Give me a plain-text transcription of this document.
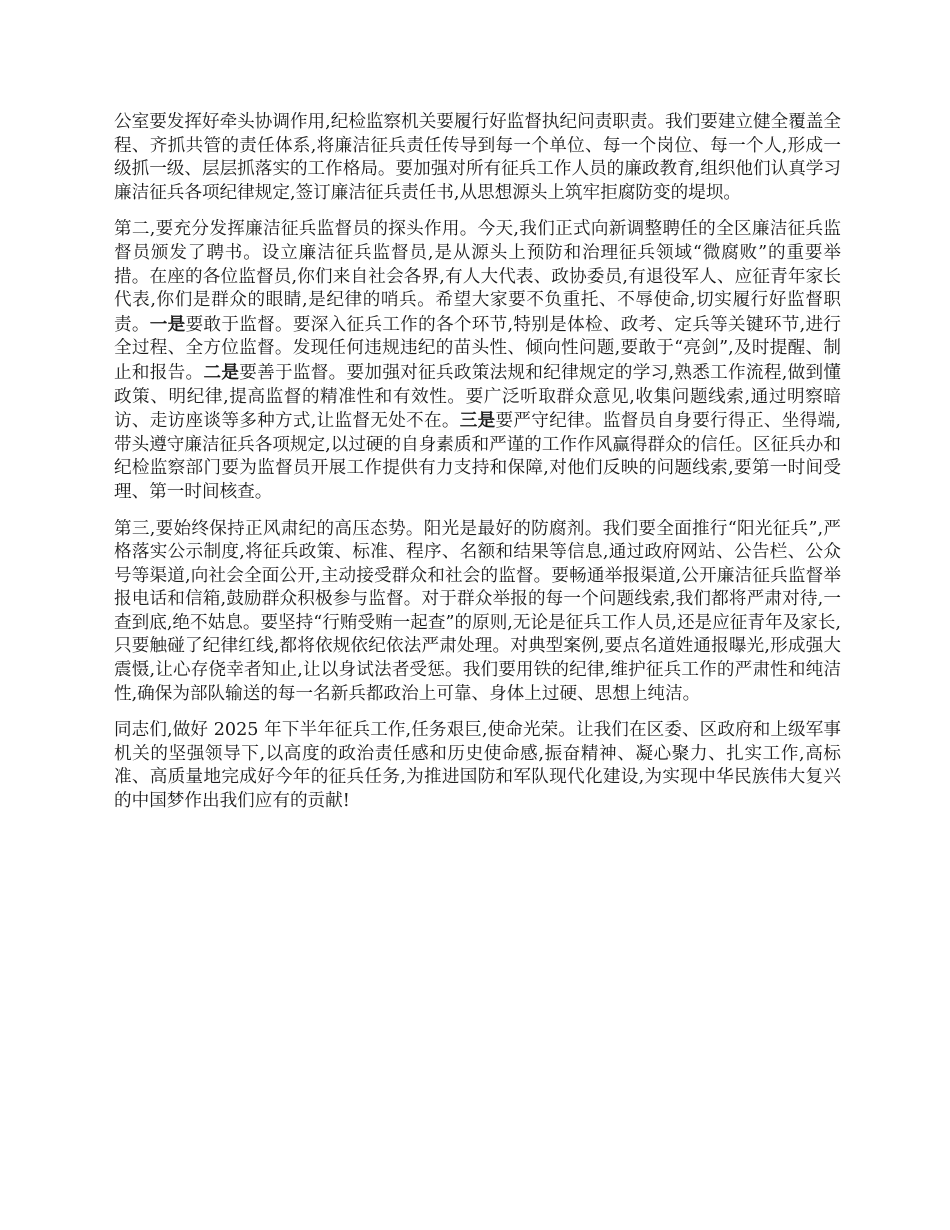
公室要发挥好牵头协调作用,纪检监察机关要履行好监督执纪问责职责。我们要建立健全覆盖全程、齐抓共管的责任体系,将廉洁征兵责任传导到每一个单位、每一个岗位、每一个人,形成一级抓一级、层层抓落实的工作格局。要加强对所有征兵工作人员的廉政教育,组织他们认真学习廉洁征兵各项纪律规定,签订廉洁征兵责任书,从思想源头上筑牢拒腐防变的堤坝。

第二,要充分发挥廉洁征兵监督员的探头作用。今天,我们正式向新调整聘任的全区廉洁征兵监督员颁发了聘书。设立廉洁征兵监督员,是从源头上预防和治理征兵领域“微腐败”的重要举措。在座的各位监督员,你们来自社会各界,有人大代表、政协委员,有退役军人、应征青年家长代表,你们是群众的眼睛,是纪律的哨兵。希望大家要不负重托、不辱使命,切实履行好监督职责。一是要敢于监督。要深入征兵工作的各个环节,特别是体检、政考、定兵等关键环节,进行全过程、全方位监督。发现任何违规违纪的苗头性、倾向性问题,要敢于“亮剑”,及时提醒、制止和报告。二是要善于监督。要加强对征兵政策法规和纪律规定的学习,熟悉工作流程,做到懂政策、明纪律,提高监督的精准性和有效性。要广泛听取群众意见,收集问题线索,通过明察暗访、走访座谈等多种方式,让监督无处不在。三是要严守纪律。监督员自身要行得正、坐得端,带头遵守廉洁征兵各项规定,以过硬的自身素质和严谨的工作作风赢得群众的信任。区征兵办和纪检监察部门要为监督员开展工作提供有力支持和保障,对他们反映的问题线索,要第一时间受理、第一时间核查。

第三,要始终保持正风肃纪的高压态势。阳光是最好的防腐剂。我们要全面推行“阳光征兵”,严格落实公示制度,将征兵政策、标准、程序、名额和结果等信息,通过政府网站、公告栏、公众号等渠道,向社会全面公开,主动接受群众和社会的监督。要畅通举报渠道,公开廉洁征兵监督举报电话和信箱,鼓励群众积极参与监督。对于群众举报的每一个问题线索,我们都将严肃对待,一查到底,绝不姑息。要坚持“行贿受贿一起查”的原则,无论是征兵工作人员,还是应征青年及家长,只要触碰了纪律红线,都将依规依纪依法严肃处理。对典型案例,要点名道姓通报曝光,形成强大震慑,让心存侥幸者知止,让以身试法者受惩。我们要用铁的纪律,维护征兵工作的严肃性和纯洁性,确保为部队输送的每一名新兵都政治上可靠、身体上过硬、思想上纯洁。

同志们,做好 2025 年下半年征兵工作,任务艰巨,使命光荣。让我们在区委、区政府和上级军事机关的坚强领导下,以高度的政治责任感和历史使命感,振奋精神、凝心聚力、扎实工作,高标准、高质量地完成好今年的征兵任务,为推进国防和军队现代化建设,为实现中华民族伟大复兴的中国梦作出我们应有的贡献!
